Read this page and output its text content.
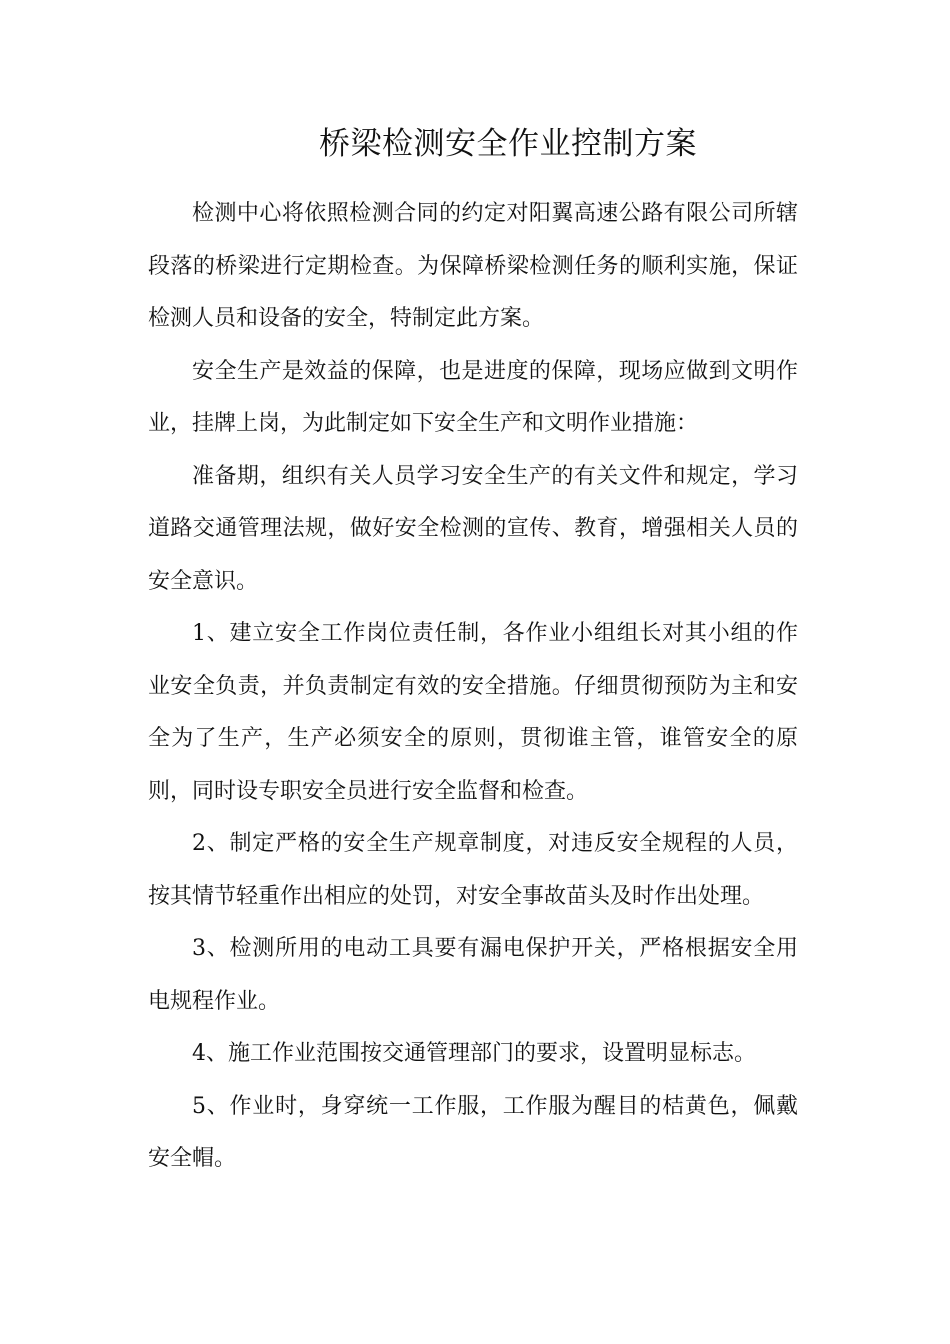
桥梁检测安全作业控制方案

检测中心将依照检测合同的约定对阳翼高速公路有限公司所辖段落的桥梁进行定期检查。为保障桥梁检测任务的顺利实施，保证检测人员和设备的安全，特制定此方案。

安全生产是效益的保障，也是进度的保障，现场应做到文明作业，挂牌上岗，为此制定如下安全生产和文明作业措施：

准备期，组织有关人员学习安全生产的有关文件和规定，学习道路交通管理法规，做好安全检测的宣传、教育，增强相关人员的安全意识。

1、建立安全工作岗位责任制，各作业小组组长对其小组的作业安全负责，并负责制定有效的安全措施。仔细贯彻预防为主和安全为了生产，生产必须安全的原则，贯彻谁主管，谁管安全的原则，同时设专职安全员进行安全监督和检查。

2、制定严格的安全生产规章制度，对违反安全规程的人员，按其情节轻重作出相应的处罚，对安全事故苗头及时作出处理。

3、检测所用的电动工具要有漏电保护开关，严格根据安全用电规程作业。

4、施工作业范围按交通管理部门的要求，设置明显标志。

5、作业时，身穿统一工作服，工作服为醒目的桔黄色，佩戴安全帽。
